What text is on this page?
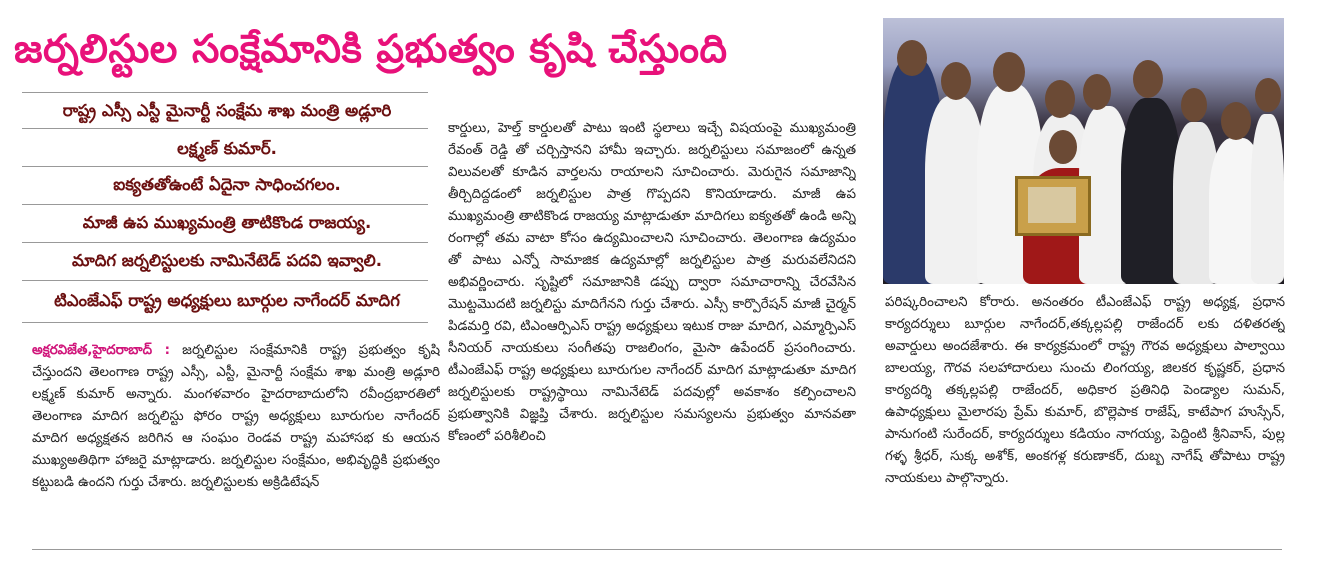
జర్నలిస్టుల సంక్షేమానికి ప్రభుత్వం కృషి చేస్తుంది
రాష్ట్ర ఎస్సీ ఎస్టీ మైనార్టీ సంక్షేమ శాఖ మంత్రి అడ్లూరి
లక్ష్మణ్ కుమార్.
ఐక్యతతోఉంటే ఏదైనా సాధించగలం.
మాజీ ఉప ముఖ్యమంత్రి తాటికొండ రాజయ్య.
మాదిగ జర్నలిస్టులకు నామినేటెడ్ పదవి ఇవ్వాలి.
టిఎంజేఎఫ్ రాష్ట్ర అధ్యక్షులు బూర్గుల నాగేందర్ మాదిగ

అక్షరవిజేత,హైదరాబాద్ : జర్నలిస్టుల సంక్షేమానికి రాష్ట్ర ప్రభుత్వం కృషి చేస్తుందని తెలంగాణ రాష్ట్ర ఎస్సీ, ఎస్టీ, మైనార్టీ సంక్షేమ శాఖ మంత్రి అడ్లూరి లక్ష్మణ్ కుమార్ అన్నారు. మంగళవారం హైదరాబాదులోని రవీంద్రభారతిలో తెలంగాణ మాదిగ జర్నలిస్టు ఫోరం రాష్ట్ర అధ్యక్షులు బూరుగుల నాగేందర్ మాదిగ అధ్యక్షతన జరిగిన ఆ సంఘం రెండవ రాష్ట్ర మహాసభ కు ఆయన ముఖ్యఅతిథిగా హాజరై మాట్లాడారు. జర్నలిస్టుల సంక్షేమం, అభివృద్ధికి ప్రభుత్వం కట్టుబడి ఉందని గుర్తు చేశారు. జర్నలిస్టులకు అక్రిడిటేషన్

కార్డులు, హెల్త్ కార్డులతో పాటు ఇంటి స్థలాలు ఇచ్చే విషయంపై ముఖ్యమంత్రి రేవంత్ రెడ్డి తో చర్చిస్తానని హామీ ఇచ్చారు. జర్నలిస్టులు సమాజంలో ఉన్నత విలువలతో కూడిన వార్తలను రాయాలని సూచించారు. మెరుగైన సమాజాన్ని తీర్చిదిద్దడంలో జర్నలిస్టుల పాత్ర గొప్పదని కొనియాడారు. మాజీ ఉప ముఖ్యమంత్రి తాటికొండ రాజయ్య మాట్లాడుతూ మాదిగలు ఐక్యతతో ఉండి అన్ని రంగాల్లో తమ వాటా కోసం ఉద్యమించాలని సూచించారు. తెలంగాణ ఉద్యమం తో పాటు ఎన్నో సామాజిక ఉద్యమాల్లో జర్నలిస్టుల పాత్ర మరువలేనిదని అభివర్ణించారు. సృష్టిలో సమాజానికి డప్పు ద్వారా సమాచారాన్ని చేరవేసిన మొట్టమొదటి జర్నలిస్టు మాదిగేనని గుర్తు చేశారు. ఎస్సీ కార్పొరేషన్ మాజీ చైర్మన్ పిడమర్తి రవి, టిఎంఆర్పిఎస్ రాష్ట్ర అధ్యక్షులు ఇటుక రాజు మాదిగ, ఎమ్మార్పిఎస్ సీనియర్ నాయకులు సంగీతపు రాజలింగం, మైసా ఉపేందర్ ప్రసంగించారు. టీఎంజేఎఫ్ రాష్ట్ర అధ్యక్షులు బూరుగుల నాగేందర్ మాదిగ మాట్లాడుతూ మాదిగ జర్నలిస్టులకు రాష్ట్రస్థాయి నామినేటెడ్ పదవుల్లో అవకాశం కల్పించాలని ప్రభుత్వానికి విజ్ఞప్తి చేశారు. జర్నలిస్టుల సమస్యలను ప్రభుత్వం మానవతా కోణంలో పరిశీలించి

పరిష్కరించాలని కోరారు. అనంతరం టీఎంజేఎఫ్ రాష్ట్ర అధ్యక్ష, ప్రధాన కార్యదర్శులు బూర్గుల నాగేందర్,తక్కల్లపల్లి రాజేందర్ లకు దళితరత్న అవార్డులు అందజేశారు. ఈ కార్యక్రమంలో రాష్ట్ర గౌరవ అధ్యక్షులు పాల్వాయి బాలయ్య, గౌరవ సలహాదారులు సుంచు లింగయ్య, జిలకర కృష్ణకర్, ప్రధాన కార్యదర్శి తక్కల్లపల్లి రాజేందర్, అధికార ప్రతినిధి పెండ్యాల సుమన్, ఉపాధ్యక్షులు మైలారపు ప్రేమ్ కుమార్, బొల్లెపాక రాజేష్, కాటేపాగ హుస్సేన్, పానుగంటి సురేందర్, కార్యదర్శులు కడియం నాగయ్య, పెద్దింటి శ్రీనివాస్, పుల్ల గళ్ళ శ్రీధర్, సుక్క అశోక్, అంకగళ్ల కరుణాకర్, దుబ్బ నాగేష్ తోపాటు రాష్ట్ర నాయకులు పాల్గొన్నారు.
